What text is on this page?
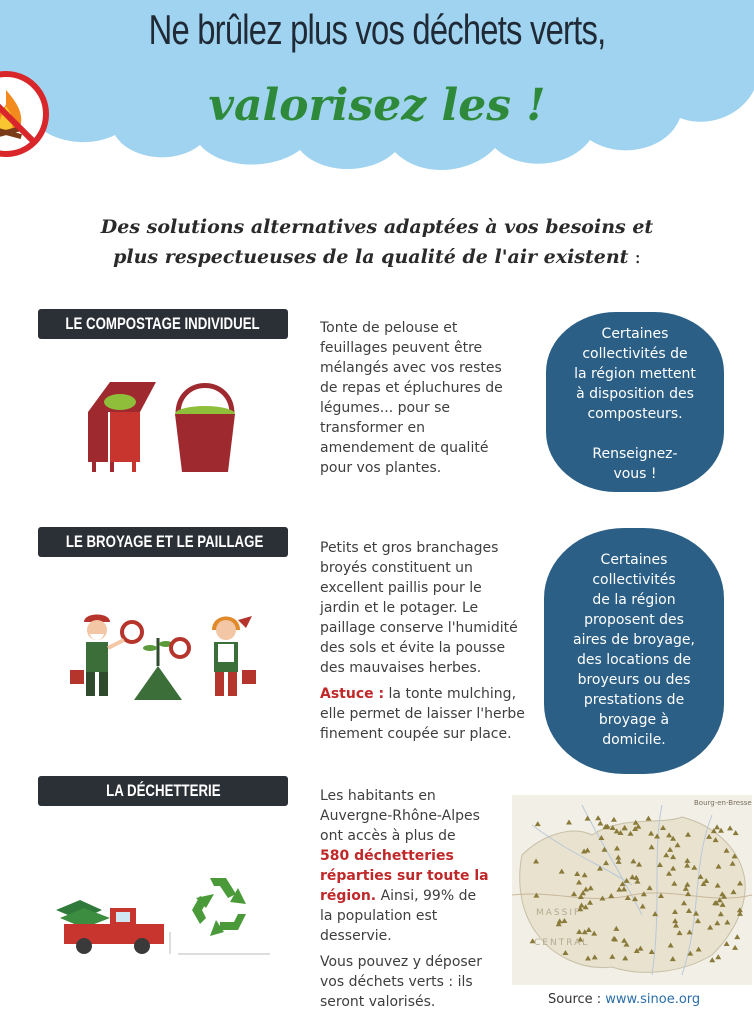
Ne brûlez plus vos déchets verts,
valorisez les !
Des solutions alternatives adaptées à vos besoins et
plus respectueuses de la qualité de l'air existent :
LE COMPOSTAGE INDIVIDUEL	Tonte de pelouse et
feuillages peuvent être
mélangés avec vos restes
de repas et épluchures de
légumes... pour se
transformer en
amendement de qualité
pour vos plantes.
Certaines
collectivités de
la région mettent
à disposition des
composteurs.
Renseignez-
vous !
LE BROYAGE ET LE PAILLAGE	Petits et gros branchages
broyés constituent un
excellent paillis pour le
jardin et le potager. Le
paillage conserve l'humidité
des sols et évite la pousse
des mauvaises herbes.
Astuce : la tonte mulching,
elle permet de laisser l'herbe
finement coupée sur place.
Certaines
collectivités
de la région
proposent des
aires de broyage,
des locations de
broyeurs ou des
prestations de
broyage à
domicile.
LA DÉCHETTERIE	Les habitants en
Auvergne-Rhône-Alpes
ont accès à plus de
580 déchetteries
réparties sur toute la
région. Ainsi, 99% de
la population est
desservie.
Vous pouvez y déposer
vos déchets verts : ils
seront valorisés.
Bourg-en-Bresse
MASSIF
CENTRAL
Source : www.sinoe.org
